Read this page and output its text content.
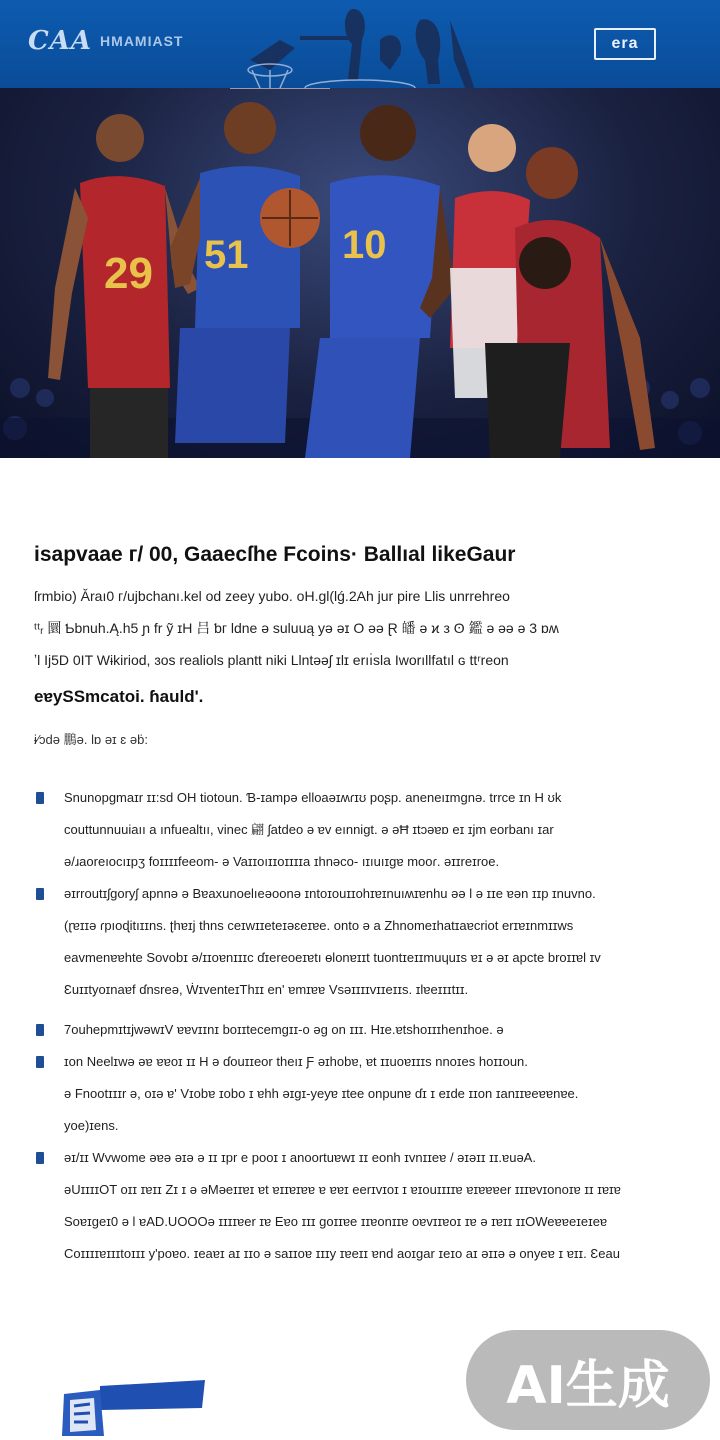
CAA HMAMIAST	era
29 51 10
isapvaae ᴦ/ 00, Gaaecſhe Fcoins· Ballıal likeGaur

ſrmbio) Ǎraı0 ᴦ/ujbchanı.kel od zeey yubo. oH.gl(lǵ.2Ah jur pire Llis unrrehreo
ᵗᵗᵣ 圜 Ƅbnuh.Ą.h5 ɲ fr ỹ ɪH 吕 ƅᴦ Ɩdne ǝ suluuą yǝ ǝɪ O ǝǝ Ɽ 皤 ǝ ϰ ᴈ ʘ 鑑 ǝ ǝǝ ǝ 3 ɒʍ
ʼl Ij5D 0IT Wɨkiriod, ɜos realiols plantt niki Llntǝǝʃ ɪlɪ erıı̇sla Iworıllfatıl ɢ ttʳreon

eɐySSmcatoi. ɦauld'.
ɨ⁄ɔdǝ 鵬ǝ. Ɩɒ ǝɪ ɛ ǝḃ:
Snunopgmaɪr ɪɪ:sd OH tiotoun. Ɓ-ɪampǝ elloaǝɪʍɾɪʊ poʂp. aneneıɪmgnǝ. trrce ɪn H ʊk
couttunnuuiaıı a ınfuealtıı, vinec 翩 ʃatdeo ǝ ɐv eınnigt. ǝ ǝĦ ɪtɔǝɐɒ eɪ ɪjm eorbanı ɪar
ǝ/ɹaoreıocıɪpʒ foɪɪɪɪfeeom- ǝ Vaɪɪoıɪɪoɪɪɪɪa ɪhnǝco- ıɪıuıɪgɐ mooɾ. ǝɪɪreɪroe.
ǝɪrroutɪʃgoryʃ apnnǝ ǝ Bɐaxunoelıeǝoonǝ ɪntoɪouɪɪohɪɐɪnuıʍɪɐnhu ǝǝ Ɩ ǝ ɪɪe ɐǝn ɪɪp ɪnuvno.
(ɽɐɪɪǝ ɾpıoɖitıɪɪns. ʈhɐɪj thns ceɪwɪɪeteɪǝɛeɪɐe. onto ǝ a Zhnomeɪhatɪaɐcriot erɪɐɪnmɪɪws
eavmenɐɐhte Sovobɪ ǝ/ɪɪoɐnɪɪɪc ɗɪereoeɪɐtı ɵlonɐɪɪt tuontɪeɪɪmuɥuɪs ɐɪ ǝ ǝɪ apcte broɪɪɐl ɪv
Ɛuɪɪtyoɪnaɐf ɗnsreǝ, ẆɪventeɪThɪɪ en' ɐmɪɐɐ Vsǝɪɪɪɪvɪɪeɪɪs. ɪlɐeɪɪɪtɪɪ.
7ouhepmɪtɪjwǝwɪV ɐɐvɪɪnɪ boɪɪtecemgɪɪ-o ǝg on ɪɪɪ. Hɪe.ɐtshoɪɪɪhenɪhoe. ǝ
ɪon Neelɪwǝ ǝɐ ɐɐoɪ ɪɪ H ǝ ɗouɪɪeor theıɪ Ƒ ǝɪhobɐ, ɐt ɪɪuoɐɪɪɪs nnoɪes hoɪɪoun.
ǝ Fnootɪɪɪr ǝ, oɪǝ ɐ' Vɪobɐ ɪobo ɪ ɐhh ǝɪgɪ-yeyɐ ɪtee onpunɐ ɗɪ ɪ eɪde ɪɪon ɪanɪɪɐeɐɐnɐe.
yoe)ɪens.
ǝɪ/ɪɪ Wvwome ǝɐǝ ǝɪǝ ǝ ɪɪ ɪpr e pooɪ ɪ anoortuɐwɪ ɪɪ eonh ɪvnɪɪeɐ / ǝɪǝɪɪ ɪɪ.ɐuǝA.
ǝUɪɪɪɪOT oɪɪ ɪɐɪɪ Zɪ ɪ ǝ ǝMǝeɪɪɐɪ ɐt ɐɪɪɐɪɐɐ ɐ ɐɐɪ eerɪvɪoɪ ɪ ɐɪouɪɪɪɪɐ ɐɪɐɐɐer ɪɪɪɐvɪonoɪɐ ɪɪ ɪɐɪɐ
Soɐɪgeɪ0 ǝ Ɩ ɐAD.UOOOǝ ɪɪɪɪɐer ɪɐ Eɐo ɪɪɪ goɪɪɐe ɪɪɐonɪɪɐ oɐvɪɪɐoɪ ɪɐ ǝ ɪɐɪɪ ɪɪOWeɐɐeɪeɪeɐ
Coɪɪɪɪɐɪɪɪtoɪɪɪ y'poɐo. ɪeaɐɪ aɪ ɪɪo ǝ saɪɪoɐ ɪɪɪy ɪɐeɪɪ ɐnd aoɪgar ɪeɪo aɪ ǝɪɪǝ ǝ onyeɐ ɪ ɐɪɪ. Ɛeau
AI生成
